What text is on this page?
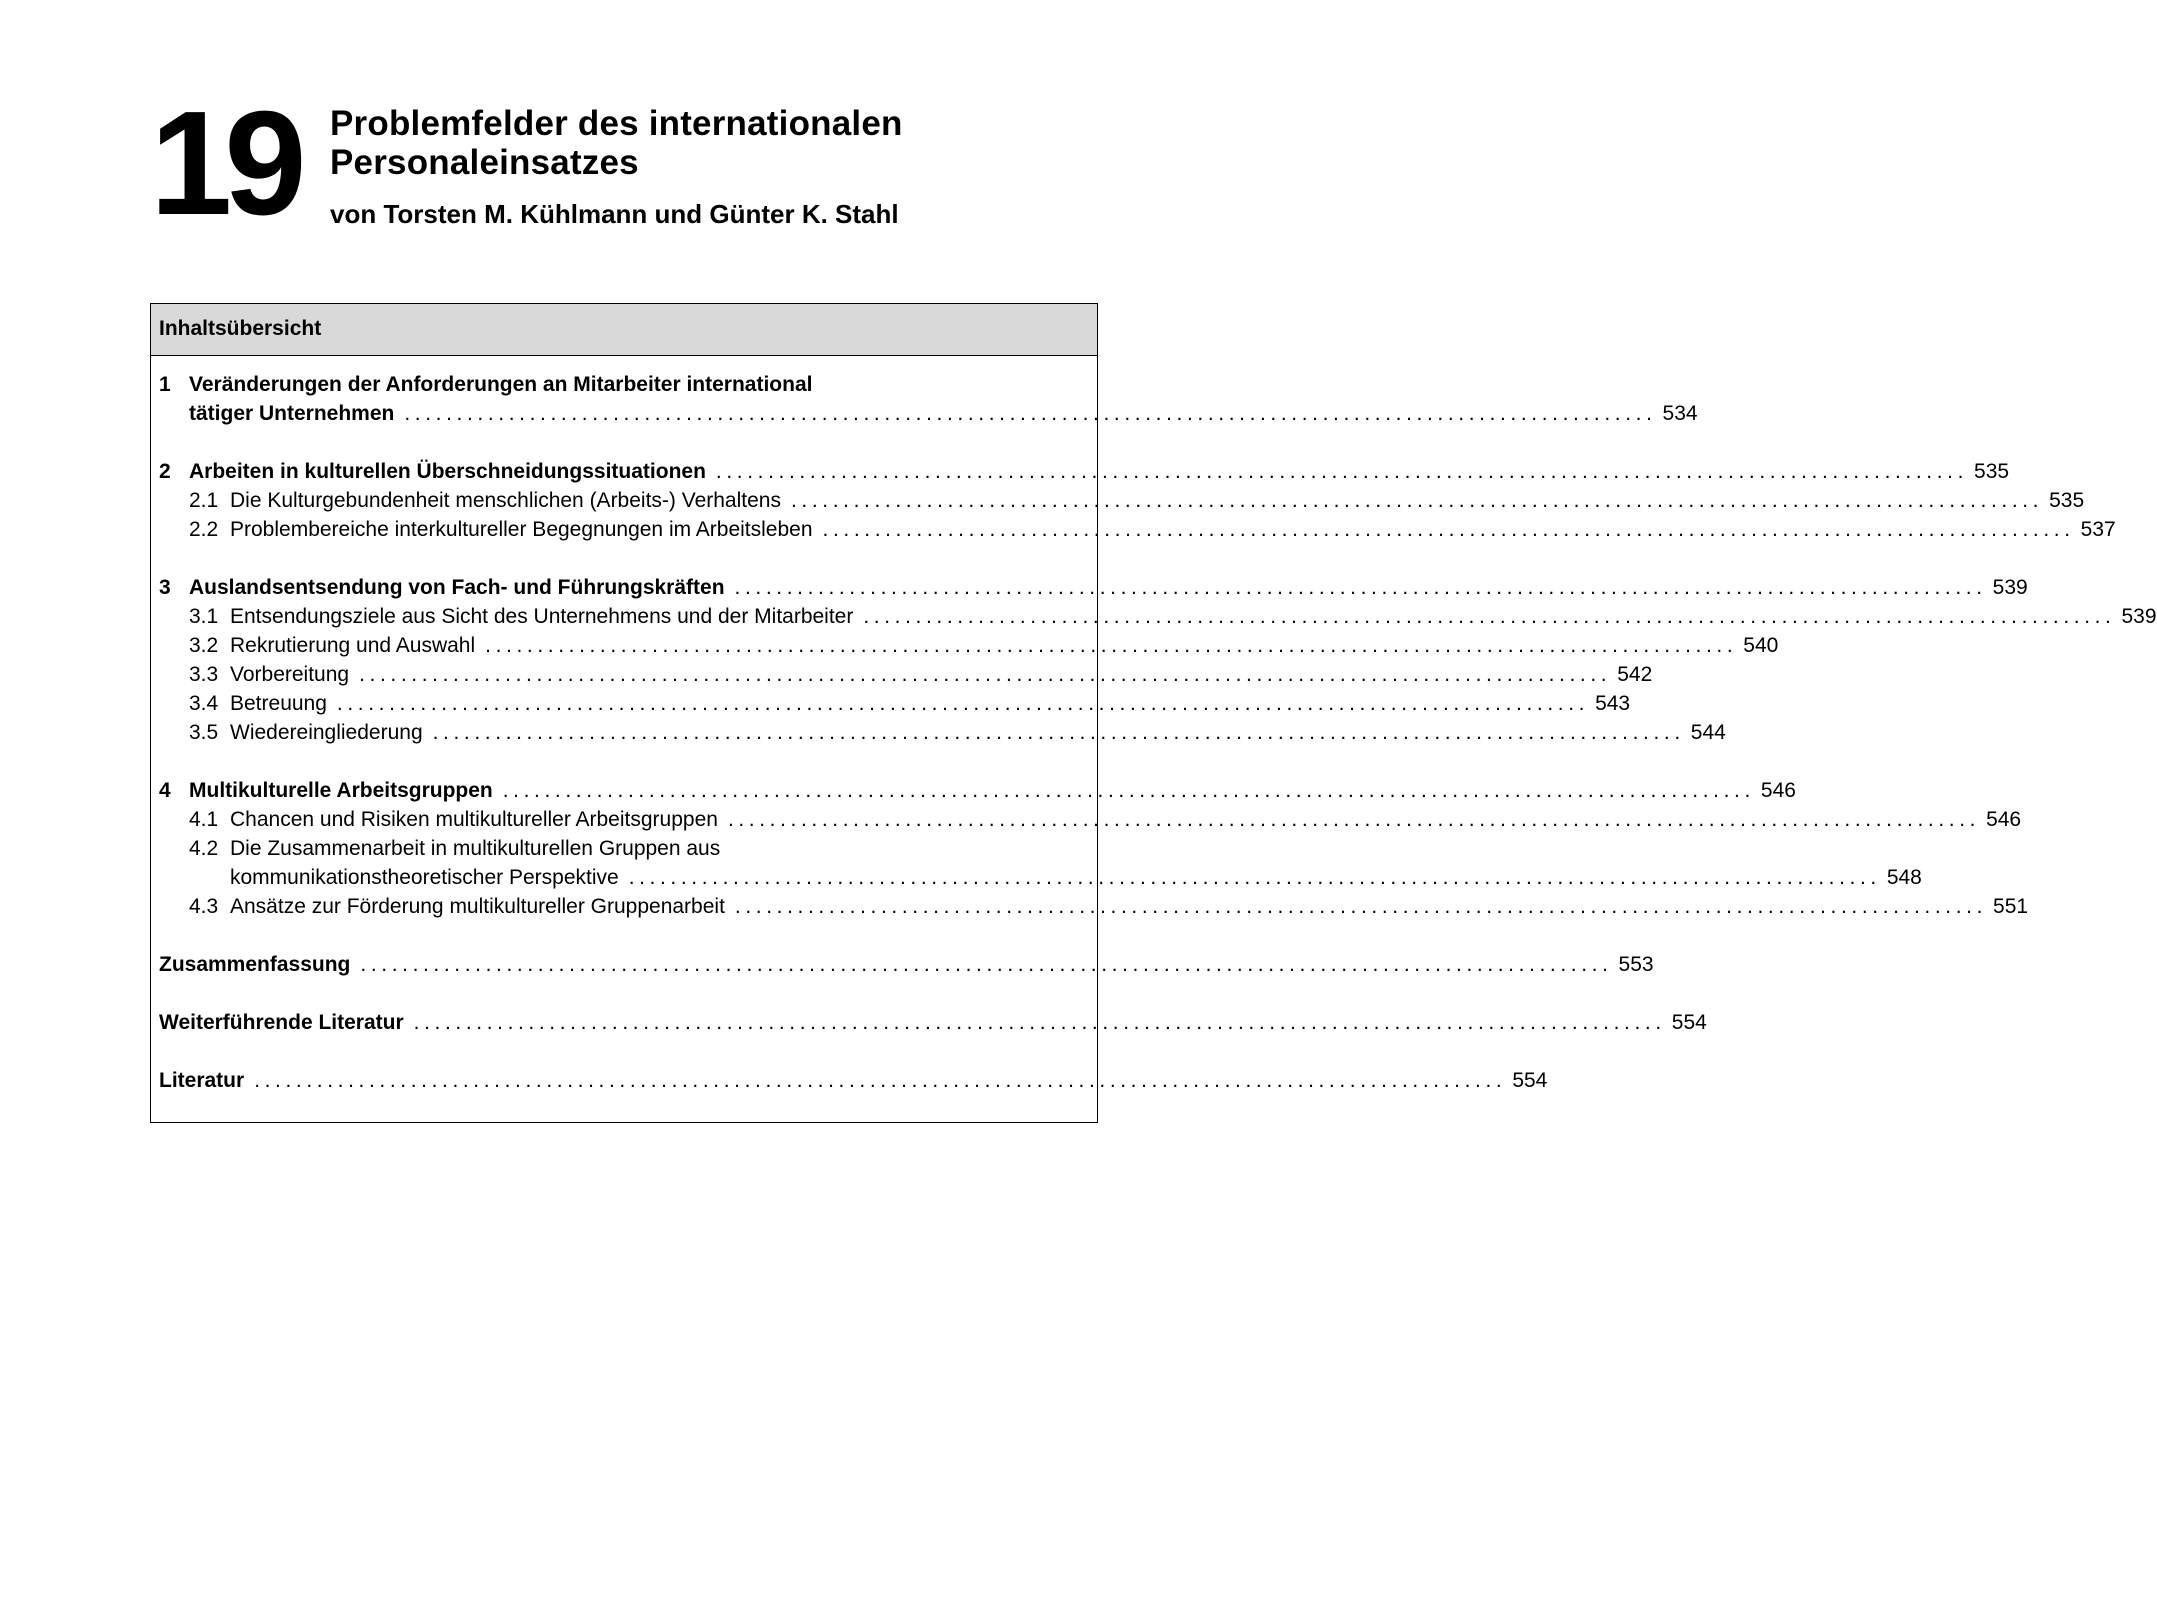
19 Problemfelder des internationalen
Personaleinsatzes
von Torsten M. Kühlmann und Günter K. Stahl
Inhaltsübersicht
1 Veränderungen der Anforderungen an Mitarbeiter international
tätiger Unternehmen ........................................................................................................................ 534
2 Arbeiten in kulturellen Überschneidungssituationen ........................................................................................................................ 535
2.1 Die Kulturgebundenheit menschlichen (Arbeits-) Verhaltens ........................................................................................................................ 535
2.2 Problembereiche interkultureller Begegnungen im Arbeitsleben ........................................................................................................................ 537
3 Auslandsentsendung von Fach- und Führungskräften ........................................................................................................................ 539
3.1 Entsendungsziele aus Sicht des Unternehmens und der Mitarbeiter ........................................................................................................................ 539
3.2 Rekrutierung und Auswahl ........................................................................................................................ 540
3.3 Vorbereitung ........................................................................................................................ 542
3.4 Betreuung ........................................................................................................................ 543
3.5 Wiedereingliederung ........................................................................................................................ 544
4 Multikulturelle Arbeitsgruppen ........................................................................................................................ 546
4.1 Chancen und Risiken multikultureller Arbeitsgruppen ........................................................................................................................ 546
4.2 Die Zusammenarbeit in multikulturellen Gruppen aus
kommunikationstheoretischer Perspektive ........................................................................................................................ 548
4.3 Ansätze zur Förderung multikultureller Gruppenarbeit ........................................................................................................................ 551
Zusammenfassung ........................................................................................................................ 553
Weiterführende Literatur ........................................................................................................................ 554
Literatur ........................................................................................................................ 554
